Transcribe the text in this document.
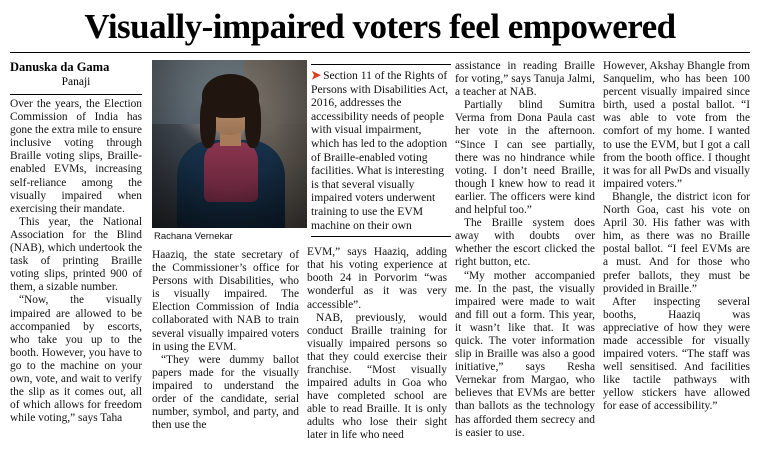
Visually-impaired voters feel empowered
Danuska da Gama
Panaji

Over the years, the Election Commission of India has gone the extra mile to ensure inclusive voting through Braille voting slips, Braille-enabled EVMs, increasing self-reliance among the visually impaired when exercising their mandate.

This year, the National Association for the Blind (NAB), which undertook the task of printing Braille voting slips, printed 900 of them, a sizable number.

“Now, the visually impaired are allowed to be accompanied by escorts, who take you up to the booth. However, you have to go to the machine on your own, vote, and wait to verify the slip as it comes out, all of which allows for freedom while voting,” says Taha

Rachana Vernekar

Haaziq, the state secretary of the Commissioner’s office for Persons with Disabilities, who is visually impaired. The Election Commission of India collaborated with NAB to train several visually impaired voters in using the EVM.

“They were dummy ballot papers made for the visually impaired to understand the order of the candidate, serial number, symbol, and party, and then use the

➤ Section 11 of the Rights of Persons with Disabilities Act, 2016, addresses the accessibility needs of people with visual impairment, which has led to the adoption of Braille-enabled voting facilities. What is interesting is that several visually impaired voters underwent training to use the EVM machine on their own

EVM,” says Haaziq, adding that his voting experience at booth 24 in Porvorim “was wonderful as it was very accessible”.

NAB, previously, would conduct Braille training for visually impaired persons so that they could exercise their franchise. “Most visually impaired adults in Goa who have completed school are able to read Braille. It is only adults who lose their sight later in life who need

assistance in reading Braille for voting,” says Tanuja Jalmi, a teacher at NAB.

Partially blind Sumitra Verma from Dona Paula cast her vote in the afternoon. “Since I can see partially, there was no hindrance while voting. I don’t need Braille, though I knew how to read it earlier. The officers were kind and helpful too.”

The Braille system does away with doubts over whether the escort clicked the right button, etc.

“My mother accompanied me. In the past, the visually impaired were made to wait and fill out a form. This year, it wasn’t like that. It was quick. The voter information slip in Braille was also a good initiative,” says Resha Vernekar from Margao, who believes that EVMs are better than ballots as the technology has afforded them secrecy and is easier to use.

However, Akshay Bhangle from Sanquelim, who has been 100 percent visually impaired since birth, used a postal ballot. “I was able to vote from the comfort of my home. I wanted to use the EVM, but I got a call from the booth office. I thought it was for all PwDs and visually impaired voters.”

Bhangle, the district icon for North Goa, cast his vote on April 30. His father was with him, as there was no Braille postal ballot. “I feel EVMs are a must. And for those who prefer ballots, they must be provided in Braille.”

After inspecting several booths, Haaziq was appreciative of how they were made accessible for visually impaired voters. “The staff was well sensitised. And facilities like tactile pathways with yellow stickers have allowed for ease of accessibility.”
